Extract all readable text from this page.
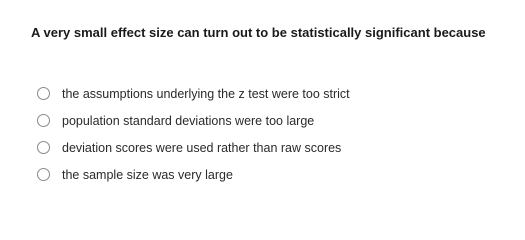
A very small effect size can turn out to be statistically significant because
the assumptions underlying the z test were too strict
population standard deviations were too large
deviation scores were used rather than raw scores
the sample size was very large
